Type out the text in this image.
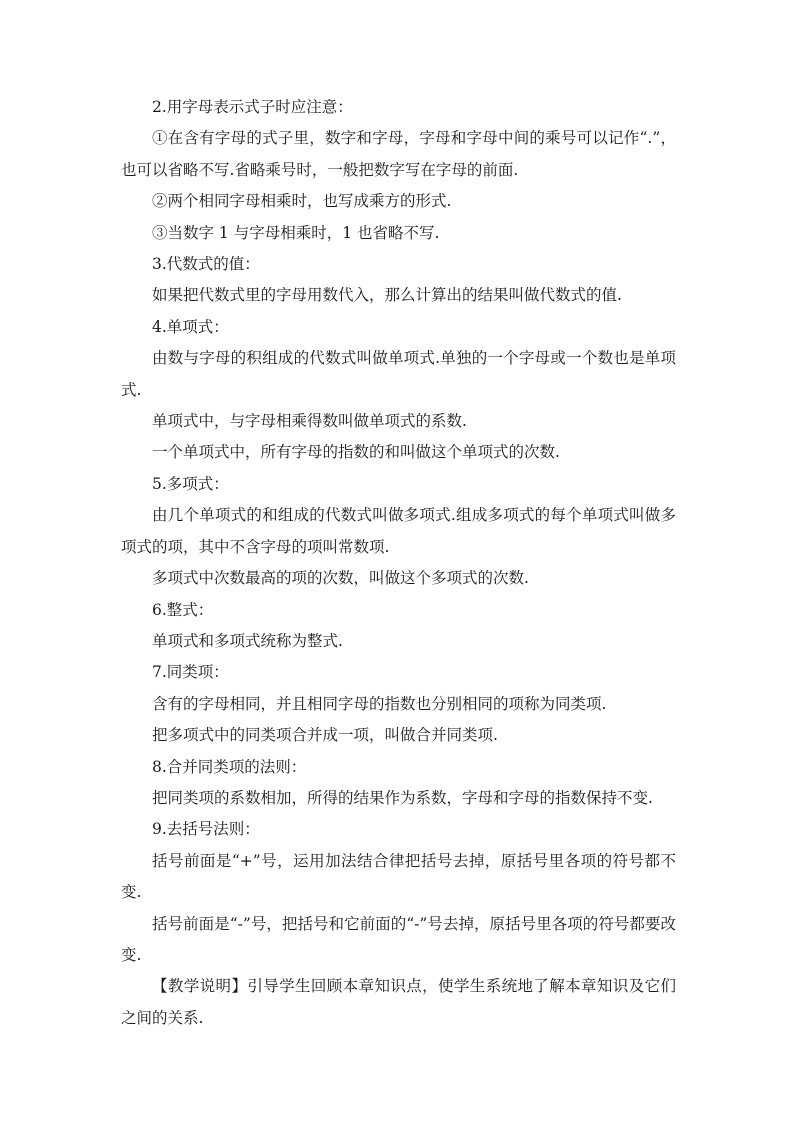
2.用字母表示式子时应注意：

①在含有字母的式子里，数字和字母，字母和字母中间的乘号可以记作“.”，也可以省略不写.省略乘号时，一般把数字写在字母的前面.

②两个相同字母相乘时，也写成乘方的形式.

③当数字 1 与字母相乘时，1 也省略不写.

3.代数式的值：

如果把代数式里的字母用数代入，那么计算出的结果叫做代数式的值.

4.单项式：

由数与字母的积组成的代数式叫做单项式.单独的一个字母或一个数也是单项式.

单项式中，与字母相乘得数叫做单项式的系数.

一个单项式中，所有字母的指数的和叫做这个单项式的次数.

5.多项式：

由几个单项式的和组成的代数式叫做多项式.组成多项式的每个单项式叫做多项式的项，其中不含字母的项叫常数项.

多项式中次数最高的项的次数，叫做这个多项式的次数.

6.整式：

单项式和多项式统称为整式.

7.同类项：

含有的字母相同，并且相同字母的指数也分别相同的项称为同类项.

把多项式中的同类项合并成一项，叫做合并同类项.

8.合并同类项的法则：

把同类项的系数相加，所得的结果作为系数，字母和字母的指数保持不变.

9.去括号法则：

括号前面是“+”号，运用加法结合律把括号去掉，原括号里各项的符号都不变.

括号前面是“-”号，把括号和它前面的“-”号去掉，原括号里各项的符号都要改变.

【教学说明】引导学生回顾本章知识点，使学生系统地了解本章知识及它们之间的关系.
